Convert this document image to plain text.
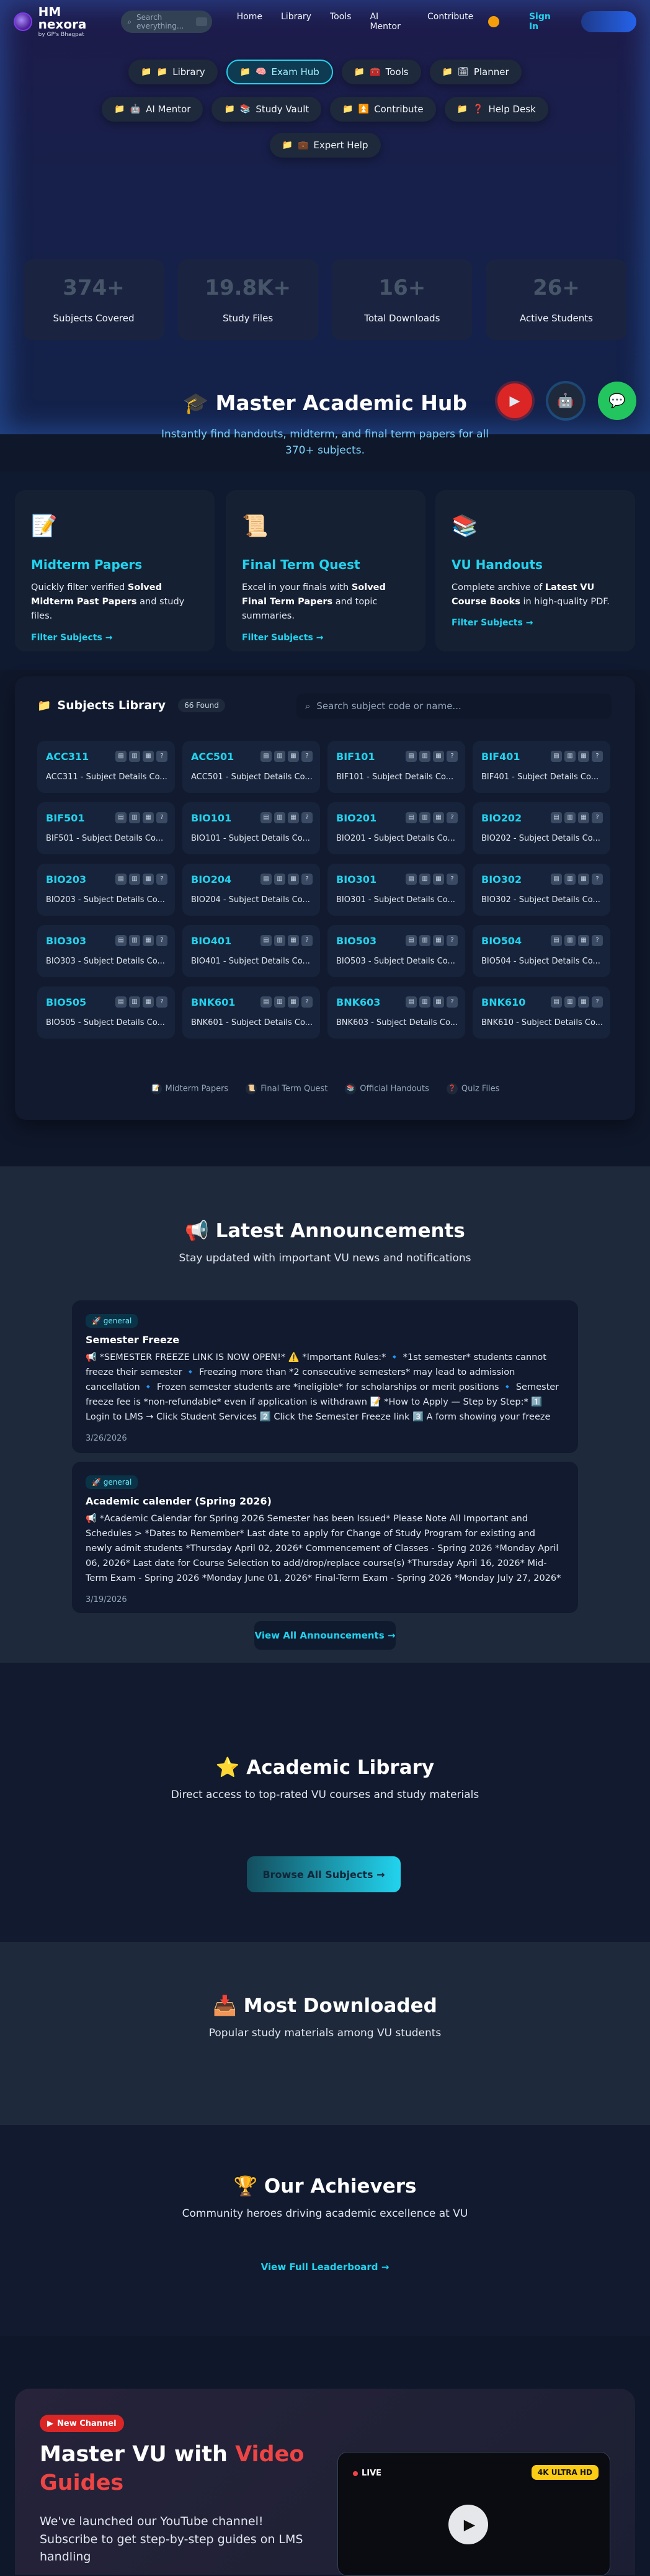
HM nexora
by GP's Bhagpat
⌕ Search everything...
Home Library Tools AI Mentor
Contribute	Sign In
📁 📁 Library	📁 🧠 Exam Hub	📁 🧰 Tools	📁 🗓 Planner
📁 🤖 AI Mentor	📁 📚 Study Vault	📁 ⏫ Contribute	📁 ❓ Help Desk
📁 💼 Expert Help
374+
Subjects Covered
19.8K+
Study Files
16+
Total Downloads
26+
Active Students
🎓 Master Academic Hub
Instantly find handouts, midterm, and final term papers for all 370+ subjects.
▶	🤖	💬
📝
Midterm Papers
Quickly filter verified Solved Midterm Past Papers and study files.
Filter Subjects →
📜
Final Term Quest
Excel in your finals with Solved Final Term Papers and topic summaries.
Filter Subjects →
📚
VU Handouts
Complete archive of Latest VU Course Books in high-quality PDF.
Filter Subjects →
📁 Subjects Library	66 Found	⌕ Search subject code or name...
ACC311
ACC311 - Subject Details Co...
▤	▥	▦	?	ACC501
ACC501 - Subject Details Co...
▤	▥	▦	?	BIF101
BIF101 - Subject Details Co...
▤	▥	▦	?	BIF401
BIF401 - Subject Details Co...
▤	▥	▦	?
BIF501
BIF501 - Subject Details Co...
▤	▥	▦	?	BIO101
BIO101 - Subject Details Co...
▤	▥	▦	?	BIO201
BIO201 - Subject Details Co...
▤	▥	▦	?	BIO202
BIO202 - Subject Details Co...
▤	▥	▦	?
BIO203
BIO203 - Subject Details Co...
▤	▥	▦	?	BIO204
BIO204 - Subject Details Co...
▤	▥	▦	?	BIO301
BIO301 - Subject Details Co...
▤	▥	▦	?	BIO302
BIO302 - Subject Details Co...
▤	▥	▦	?
BIO303
BIO303 - Subject Details Co...
▤	▥	▦	?	BIO401
BIO401 - Subject Details Co...
▤	▥	▦	?	BIO503
BIO503 - Subject Details Co...
▤	▥	▦	?	BIO504
BIO504 - Subject Details Co...
▤	▥	▦	?
BIO505
BIO505 - Subject Details Co...
▤	▥	▦	?	BNK601
BNK601 - Subject Details Co...
▤	▥	▦	?	BNK603
BNK603 - Subject Details Co...
▤	▥	▦	?	BNK610
BNK610 - Subject Details Co...
▤	▥	▦	?
📝 Midterm Papers	📜 Final Term Quest	📚 Official Handouts	❓ Quiz Files
📢 Latest Announcements
Stay updated with important VU news and notifications
🚀 general
Semester Freeze
📢 *SEMESTER FREEZE LINK IS NOW OPEN!* ⚠️ *Important Rules:* 🔹 *1st semester* students cannot freeze their semester 🔹 Freezing more than *2 consecutive semesters* may lead to admission cancellation 🔹 Frozen semester students are *ineligible* for scholarships or merit positions 🔹 Semester freeze fee is *non-refundable* even if application is withdrawn 📝 *How to Apply — Step by Step:* 1️⃣ Login to LMS → Click Student Services 2️⃣ Click the Semester Freeze link 3️⃣ A form showing your freeze
3/26/2026
🚀 general
Academic calender (Spring 2026)
📢 *Academic Calendar for Spring 2026 Semester has been Issued* Please Note All Important and Schedules > *Dates to Remember* Last date to apply for Change of Study Program for existing and newly admit students *Thursday April 02, 2026* Commencement of Classes - Spring 2026 *Monday April 06, 2026* Last date for Course Selection to add/drop/replace course(s) *Thursday April 16, 2026* Mid-Term Exam - Spring 2026 *Monday June 01, 2026* Final-Term Exam - Spring 2026 *Monday July 27, 2026*
3/19/2026
View All Announcements →
⭐ Academic Library
Direct access to top-rated VU courses and study materials
Browse All Subjects →
📥 Most Downloaded
Popular study materials among VU students
🏆 Our Achievers
Community heroes driving academic excellence at VU
View Full Leaderboard →
▶ New Channel
Master VU with Video Guides
We've launched our YouTube channel! Subscribe to get step-by-step guides on LMS handling
LIVE	4K ULTRA HD
▶
